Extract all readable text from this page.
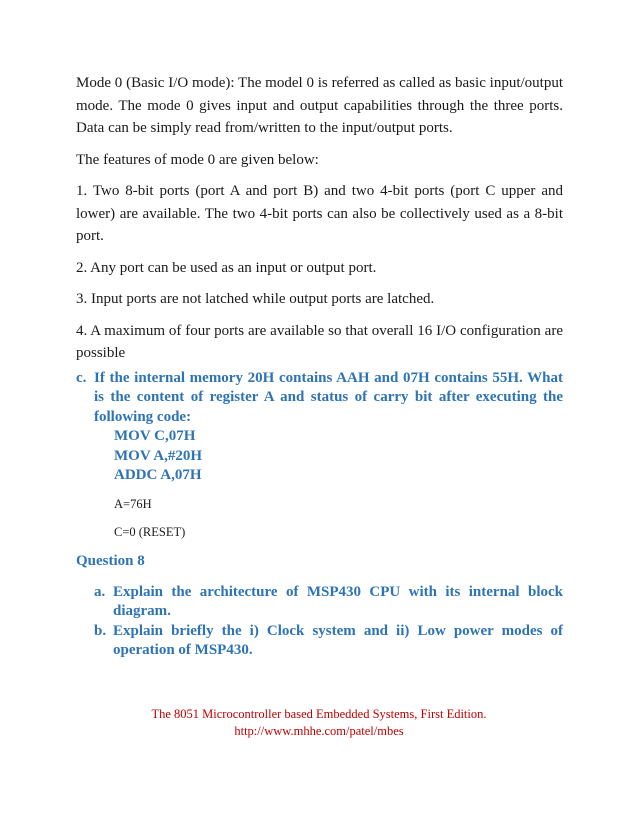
Mode 0 (Basic I/O mode): The model 0 is referred as called as basic input/output mode. The mode 0 gives input and output capabilities through the three ports. Data can be simply read from/written to the input/output ports.

The features of mode 0 are given below:

1. Two 8-bit ports (port A and port B) and two 4-bit ports (port C upper and lower) are available. The two 4-bit ports can also be collectively used as a 8-bit port.

2. Any port can be used as an input or output port.

3. Input ports are not latched while output ports are latched.

4. A maximum of four ports are available so that overall 16 I/O configuration are possible

c. If the internal memory 20H contains AAH and 07H contains 55H. What is the content of register A and status of carry bit after executing the following code:
MOV C,07H
MOV A,#20H
ADDC A,07H
A=76H
C=0 (RESET)

Question 8

a. Explain the architecture of MSP430 CPU with its internal block diagram.
b. Explain briefly the i) Clock system and ii) Low power modes of operation of MSP430.
The 8051 Microcontroller based Embedded Systems, First Edition.
http://www.mhhe.com/patel/mbes
